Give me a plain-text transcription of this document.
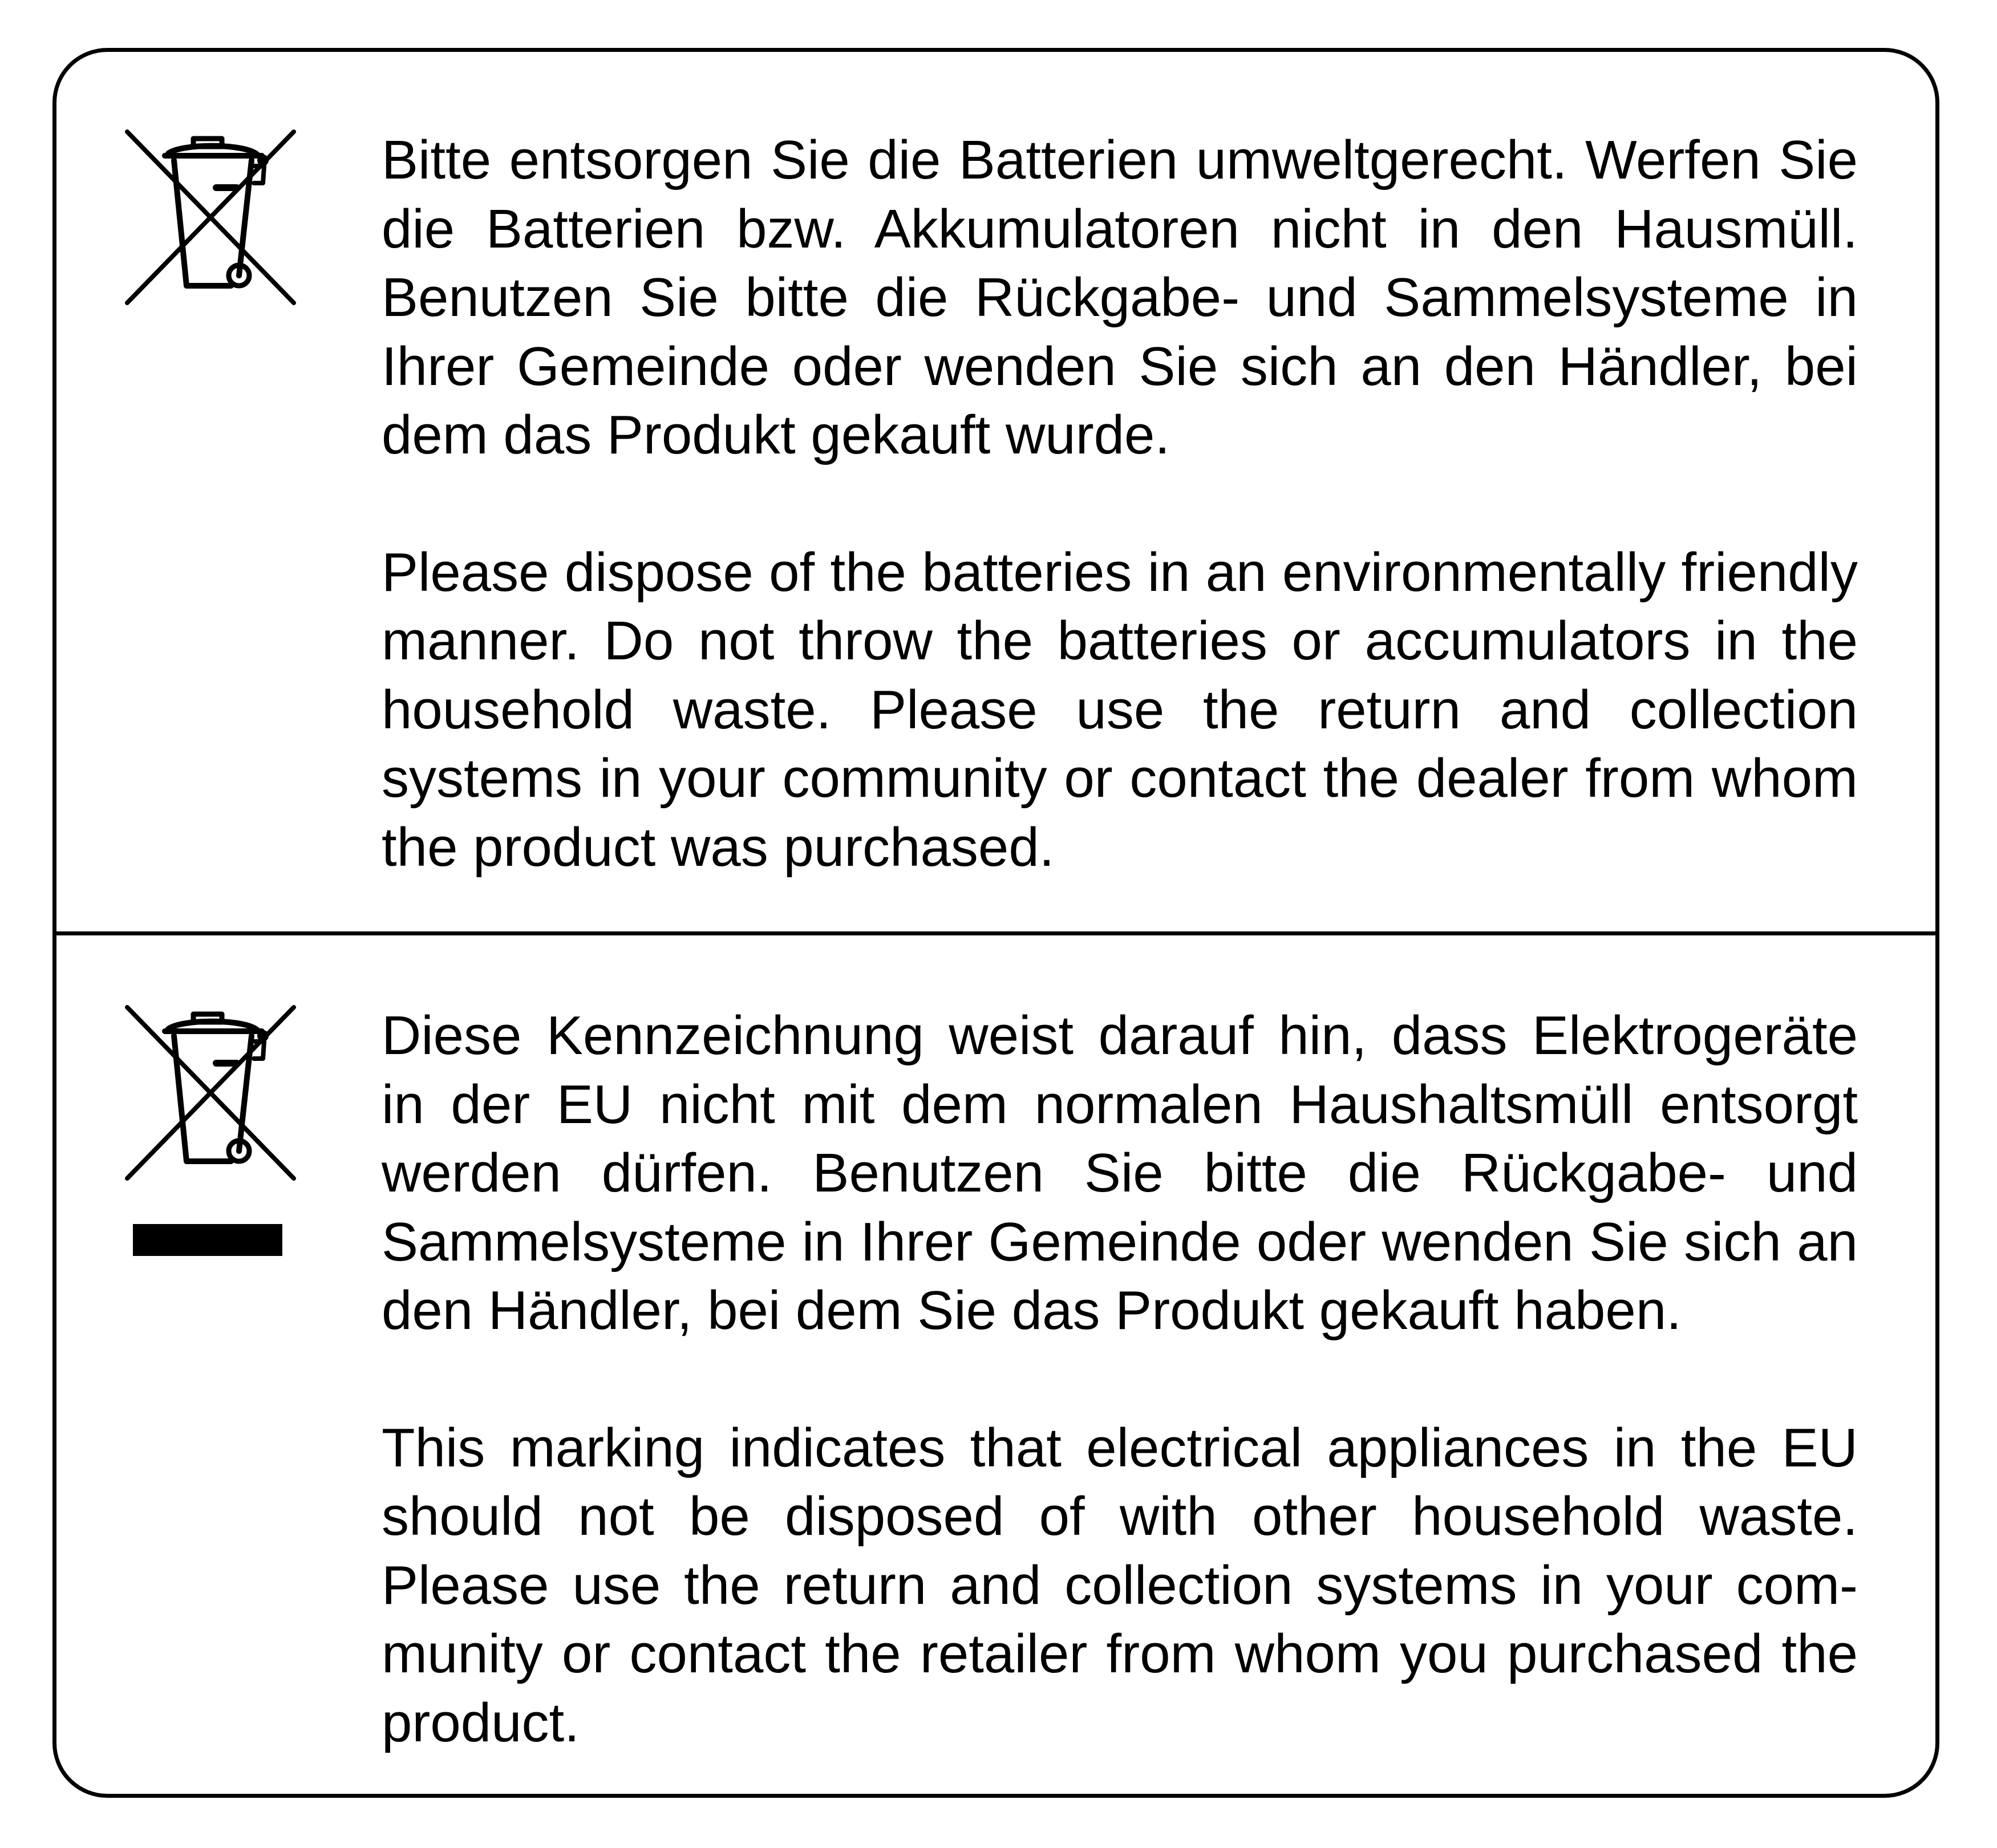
Bitte entsorgen Sie die Batterien umweltgerecht. Werfen Sie die Batterien bzw. Akkumulatoren nicht in den Hausmüll. Benutzen Sie bitte die Rückgabe- und Sammelsysteme in Ihrer Gemeinde oder wenden Sie sich an den Händler, bei dem das Produkt gekauft wurde.

Please dispose of the batteries in an environmentally friendly manner. Do not throw the batteries or accumulators in the household waste. Please use the return and collection systems in your community or contact the dealer from whom the product was purchased.

Diese Kennzeichnung weist darauf hin, dass Elektrogeräte in der EU nicht mit dem normalen Haushaltsmüll entsorgt werden dürfen. Benutzen Sie bitte die Rückgabe- und Sammelsysteme in Ihrer Gemeinde oder wenden Sie sich an den Händler, bei dem Sie das Produkt gekauft haben.

This marking indicates that electrical appliances in the EU should not be disposed of with other household waste. Please use the return and collection systems in your community or contact the retailer from whom you purchased the product.
